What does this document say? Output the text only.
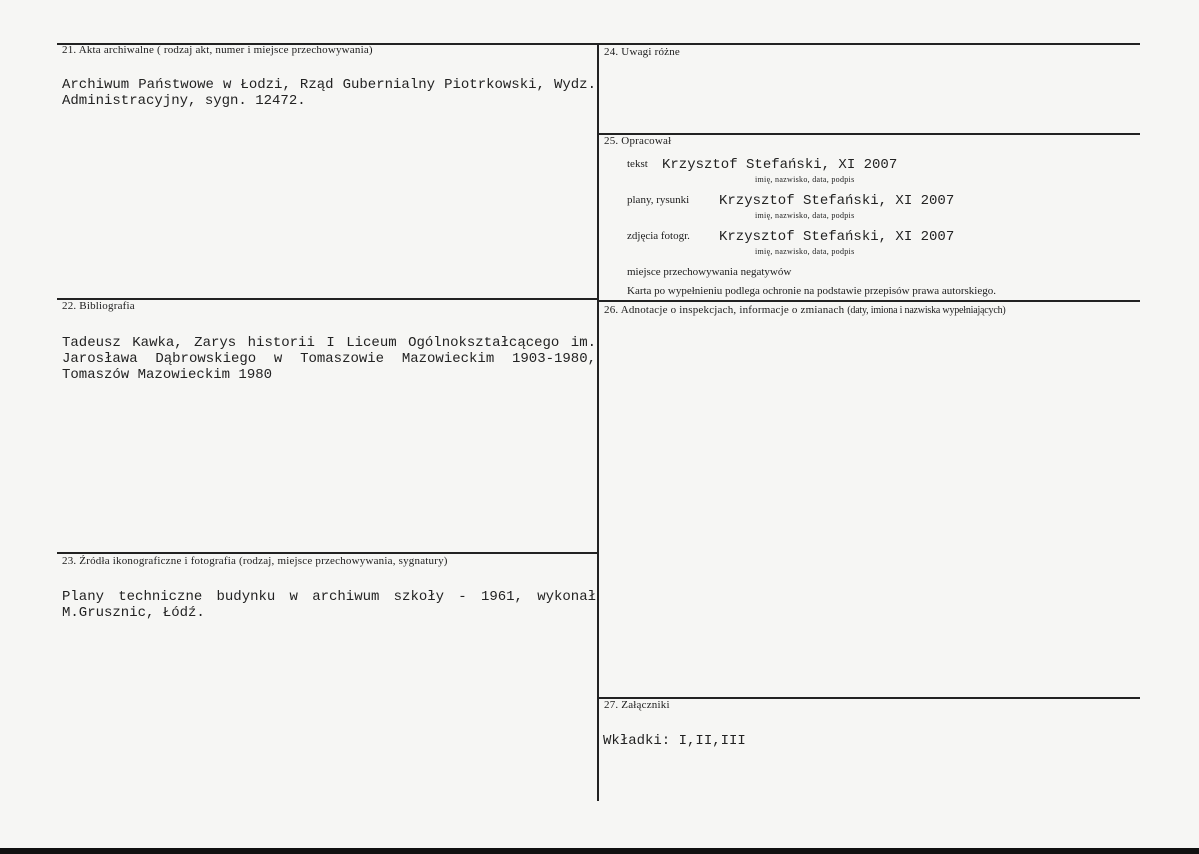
21. Akta archiwalne ( rodzaj akt, numer i miejsce przechowywania)
Archiwum Państwowe w Łodzi, Rząd Gubernialny Piotrkowski, Wydz. Administracyjny, sygn. 12472.
22. Bibliografia
Tadeusz Kawka, Zarys historii I Liceum Ogólnokształcącego im. Jarosława Dąbrowskiego w Tomaszowie Mazowieckim 1903-1980, Tomaszów Mazowieckim 1980
23. Źródła ikonograficzne i fotografia (rodzaj, miejsce przechowywania, sygnatury)
Plany techniczne budynku w archiwum szkoły - 1961, wykonał M.Grusznic, Łódź.
24. Uwagi różne
25. Opracował
tekst Krzysztof Stefański, XI 2007
imię, nazwisko, data, podpis
plany, rysunki Krzysztof Stefański, XI 2007
imię, nazwisko, data, podpis
zdjęcia fotogr. Krzysztof Stefański, XI 2007
imię, nazwisko, data, podpis
miejsce przechowywania negatywów
Karta po wypełnieniu podlega ochronie na podstawie przepisów prawa autorskiego.
26. Adnotacje o inspekcjach, informacje o zmianach (daty, imiona i nazwiska wypełniających)
27. Załączniki
Wkładki: I,II,III
